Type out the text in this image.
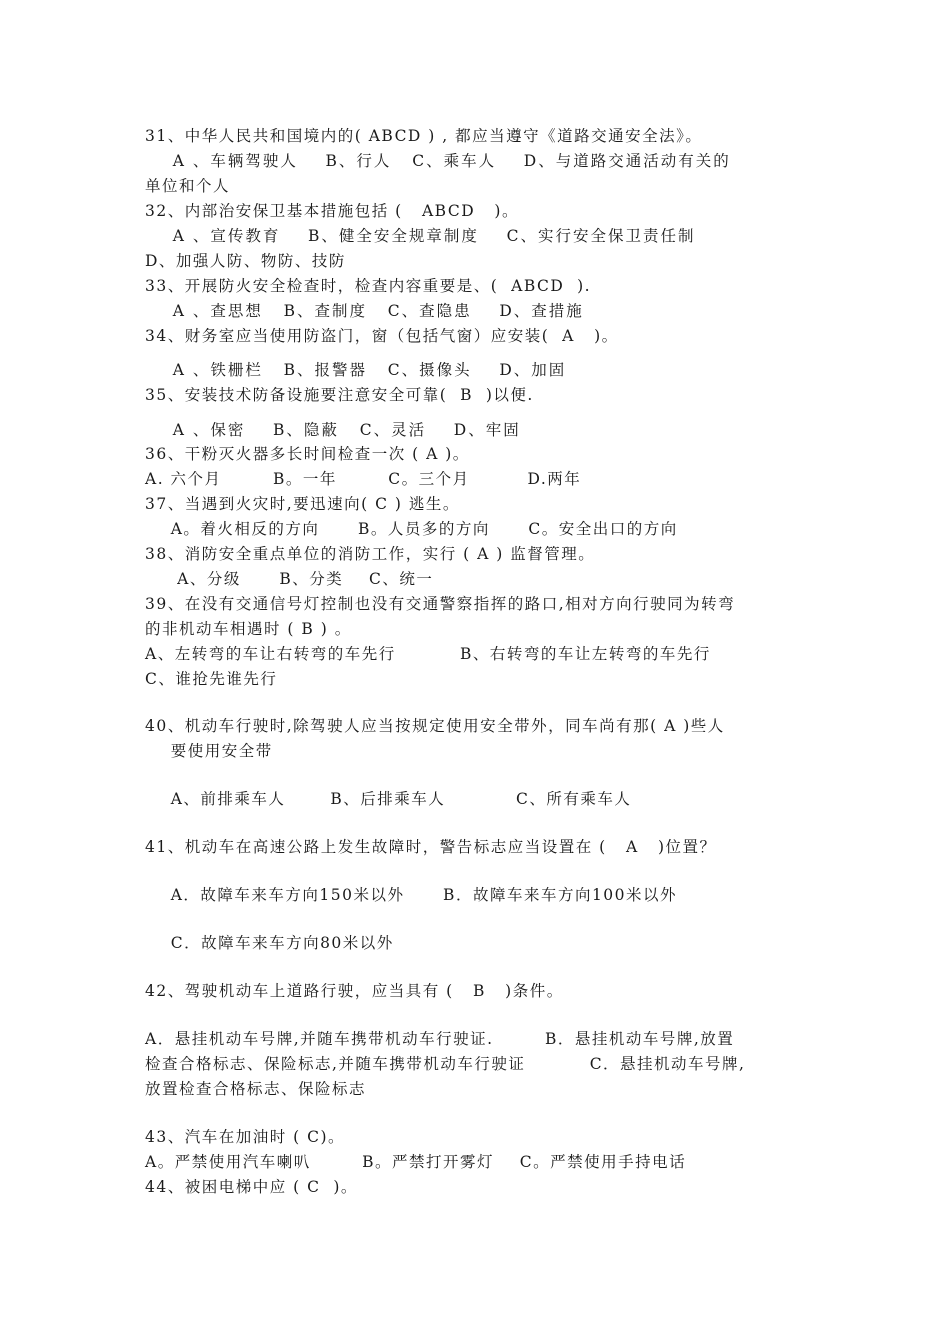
31、中华人民共和国境内的( ABCD ) , 都应当遵守《道路交通安全法》。
A 、车辆驾驶人    B、行人   C、乘车人    D、与道路交通活动有关的
单位和个人
32、内部治安保卫基本措施包括 (   ABCD   )。
A 、宣传教育    B、健全安全规章制度    C、实行安全保卫责任制
D、加强人防、物防、技防
33、开展防火安全检查时，检查内容重要是、(  ABCD  ).
A 、查思想   B、查制度   C、查隐患    D、查措施
34、财务室应当使用防盗门，窗（包括气窗）应安装(  A   )。
A 、铁栅栏   B、报警器   C、摄像头    D、加固
35、安装技术防备设施要注意安全可靠(  B  )以便.
A 、保密    B、隐蔽   C、灵活    D、牢固
36、干粉灭火器多长时间检查一次 ( A )。
A. 六个月        B。一年        C。三个月         D.两年
37、当遇到火灾时,要迅速向( C ) 逃生。
A。着火相反的方向      B。人员多的方向      C。安全出口的方向
38、消防安全重点单位的消防工作，实行 ( A ) 监督管理。
A、分级      B、分类    C、统一
39、在没有交通信号灯控制也没有交通警察指挥的路口,相对方向行驶同为转弯
的非机动车相遇时 ( B ) 。
A、左转弯的车让右转弯的车先行          B、右转弯的车让左转弯的车先行
C、谁抢先谁先行
40、机动车行驶时,除驾驶人应当按规定使用安全带外，同车尚有那( A )些人
要使用安全带
A、前排乘车人       B、后排乘车人           C、所有乘车人
41、机动车在高速公路上发生故障时，警告标志应当设置在 (   A   )位置？
A．故障车来车方向150米以外      B．故障车来车方向100米以外
C．故障车来车方向80米以外
42、驾驶机动车上道路行驶，应当具有 (   B   )条件。
A．悬挂机动车号牌,并随车携带机动车行驶证.        B．悬挂机动车号牌,放置
检查合格标志、保险标志,并随车携带机动车行驶证          C．悬挂机动车号牌,
放置检查合格标志、保险标志
43、汽车在加油时 ( C)。
A。严禁使用汽车喇叭        B。严禁打开雾灯    C。严禁使用手持电话
44、被困电梯中应 ( C  )。
